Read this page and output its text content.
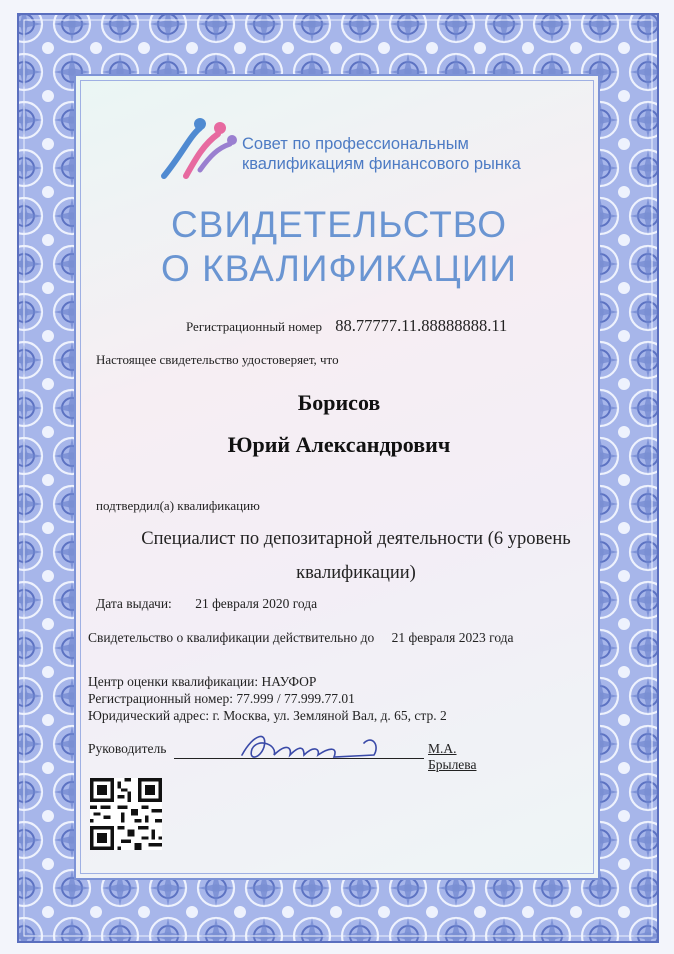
Совет по профессиональным
квалификациям финансового рынка
СВИДЕТЕЛЬСТВО
О КВАЛИФИКАЦИИ
Регистрационный номер 88.77777.11.88888888.11
Настоящее свидетельство удостоверяет, что
Борисов
Юрий Александрович
подтвердил(а) квалификацию
Специалист по депозитарной деятельности (6 уровень
квалификации)
Дата выдачи: 21 февраля 2020 года
Свидетельство о квалификации действительно до 21 февраля 2023 года
Центр оценки квалификации: НАУФОР
Регистрационный номер: 77.999 / 77.999.77.01
Юридический адрес: г. Москва, ул. Земляной Вал, д. 65, стр. 2
Руководитель	М.А. Брылева
